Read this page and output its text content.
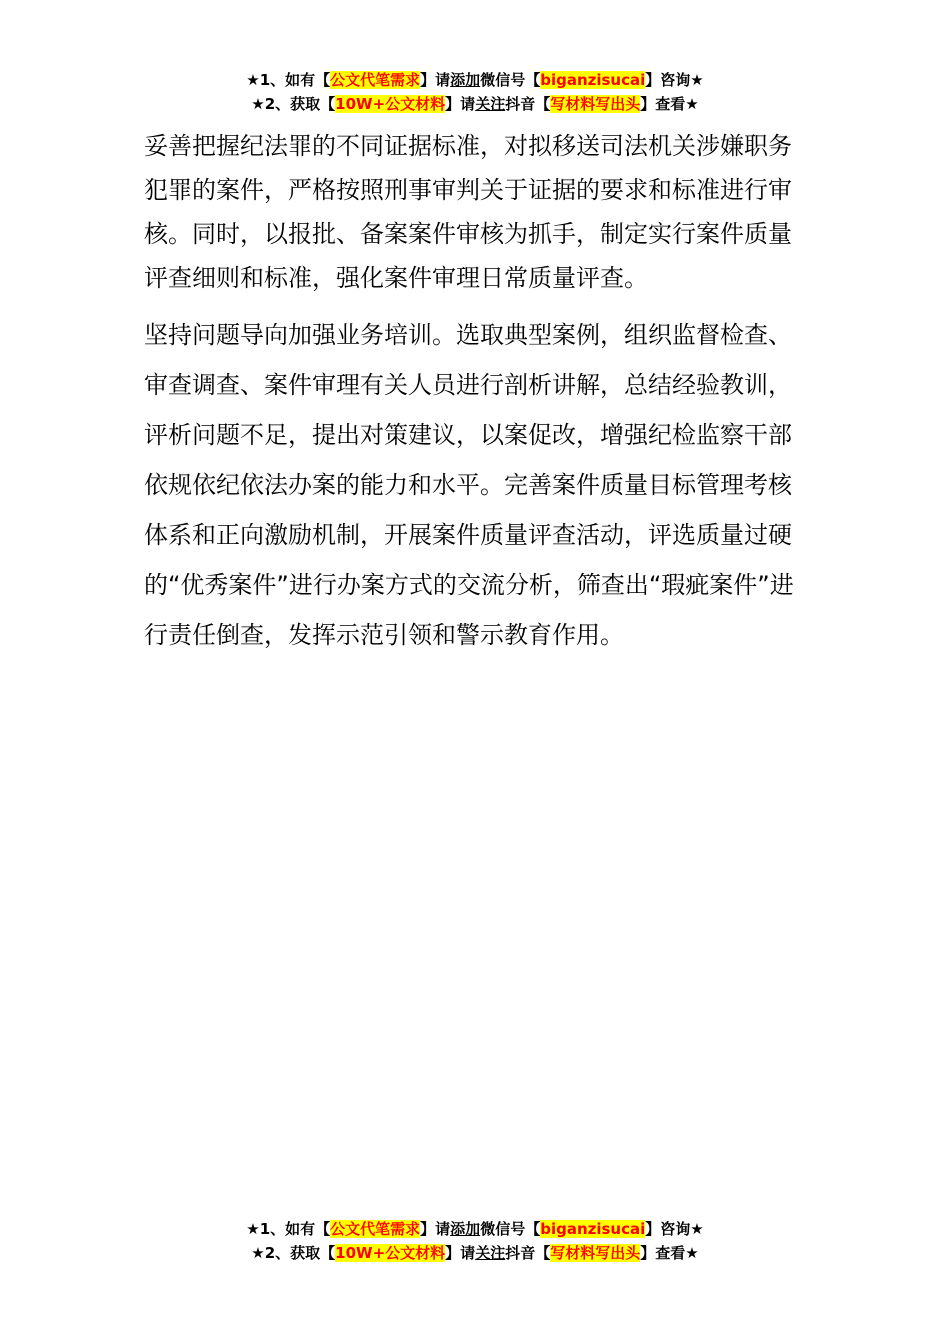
★1、如有【公文代笔需求】请添加微信号【biganzisucai】咨询★
★2、获取【10W+公文材料】请关注抖音【写材料写出头】查看★

妥善把握纪法罪的不同证据标准，对拟移送司法机关涉嫌职务犯罪的案件，严格按照刑事审判关于证据的要求和标准进行审核。同时，以报批、备案案件审核为抓手，制定实行案件质量评查细则和标准，强化案件审理日常质量评查。

坚持问题导向加强业务培训。选取典型案例，组织监督检查、审查调查、案件审理有关人员进行剖析讲解，总结经验教训，评析问题不足，提出对策建议，以案促改，增强纪检监察干部依规依纪依法办案的能力和水平。完善案件质量目标管理考核体系和正向激励机制，开展案件质量评查活动，评选质量过硬的“优秀案件”进行办案方式的交流分析，筛查出“瑕疵案件”进行责任倒查，发挥示范引领和警示教育作用。

★1、如有【公文代笔需求】请添加微信号【biganzisucai】咨询★
★2、获取【10W+公文材料】请关注抖音【写材料写出头】查看★
